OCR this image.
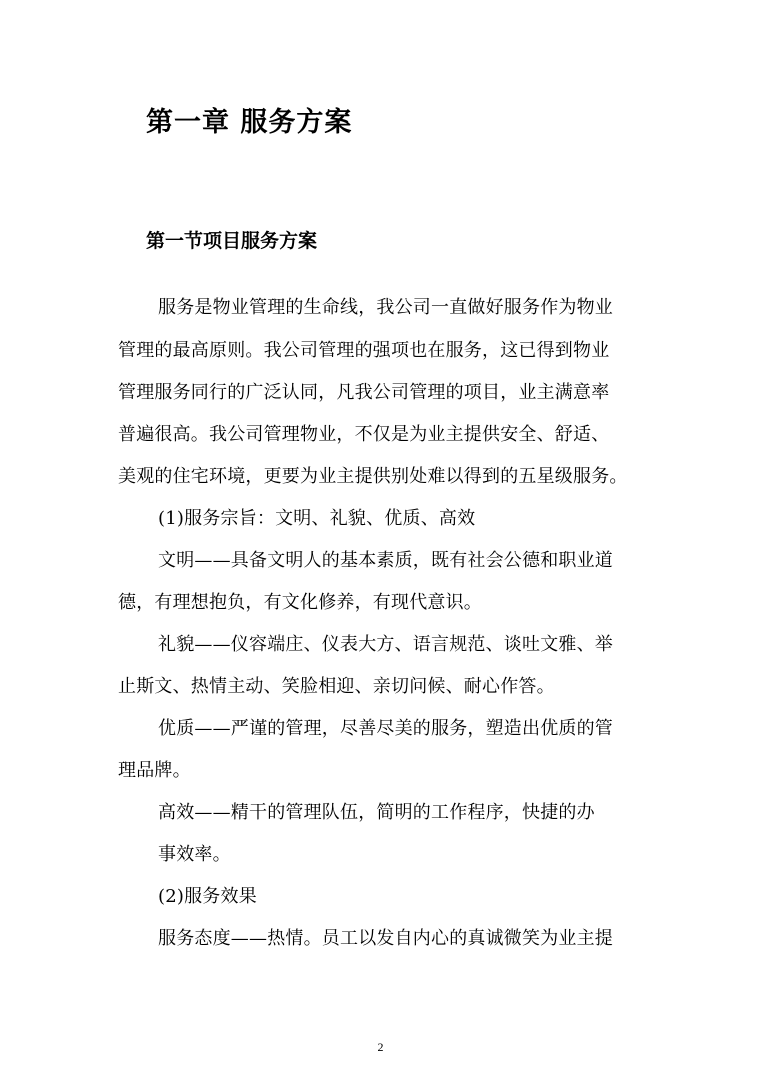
第一章 服务方案
第一节项目服务方案
服务是物业管理的生命线，我公司一直做好服务作为物业
管理的最高原则。我公司管理的强项也在服务，这已得到物业
管理服务同行的广泛认同，凡我公司管理的项目，业主满意率
普遍很高。我公司管理物业，不仅是为业主提供安全、舒适、
美观的住宅环境，更要为业主提供别处难以得到的五星级服务。
(1)服务宗旨：文明、礼貌、优质、高效
文明——具备文明人的基本素质，既有社会公德和职业道
德，有理想抱负，有文化修养，有现代意识。
礼貌——仪容端庄、仪表大方、语言规范、谈吐文雅、举
止斯文、热情主动、笑脸相迎、亲切问候、耐心作答。
优质——严谨的管理，尽善尽美的服务，塑造出优质的管
理品牌。
高效——精干的管理队伍，简明的工作程序，快捷的办
事效率。
(2)服务效果
服务态度——热情。员工以发自内心的真诚微笑为业主提
2
